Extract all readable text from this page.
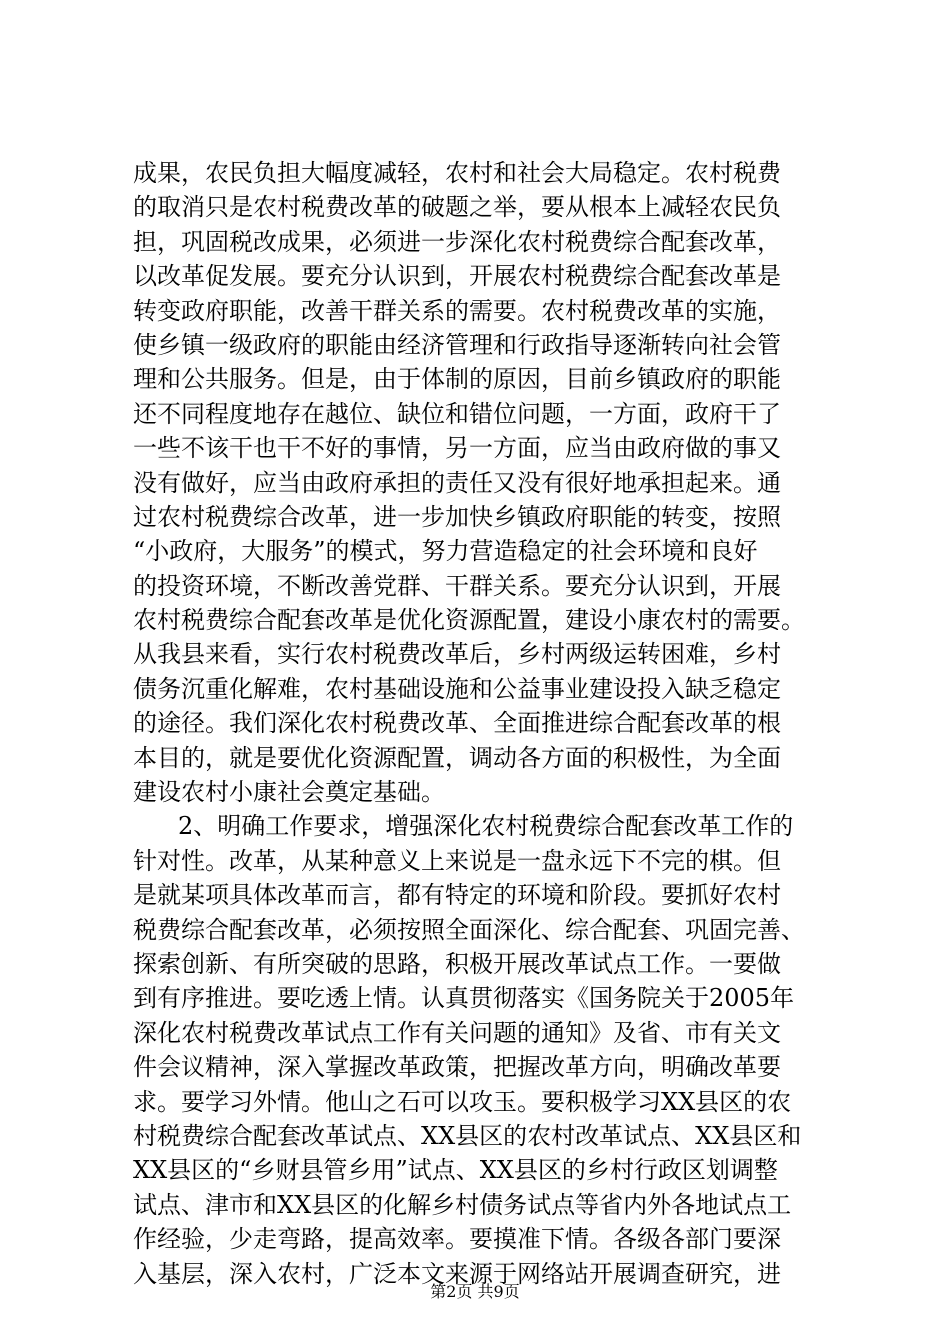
成果，农民负担大幅度减轻，农村和社会大局稳定。农村税费
的取消只是农村税费改革的破题之举，要从根本上减轻农民负
担，巩固税改成果，必须进一步深化农村税费综合配套改革，
以改革促发展。要充分认识到，开展农村税费综合配套改革是
转变政府职能，改善干群关系的需要。农村税费改革的实施，
使乡镇一级政府的职能由经济管理和行政指导逐渐转向社会管
理和公共服务。但是，由于体制的原因，目前乡镇政府的职能
还不同程度地存在越位、缺位和错位问题，一方面，政府干了
一些不该干也干不好的事情，另一方面，应当由政府做的事又
没有做好，应当由政府承担的责任又没有很好地承担起来。通
过农村税费综合改革，进一步加快乡镇政府职能的转变，按照
“小政府，大服务”的模式，努力营造稳定的社会环境和良好
的投资环境，不断改善党群、干群关系。要充分认识到，开展
农村税费综合配套改革是优化资源配置，建设小康农村的需要。
从我县来看，实行农村税费改革后，乡村两级运转困难，乡村
债务沉重化解难，农村基础设施和公益事业建设投入缺乏稳定
的途径。我们深化农村税费改革、全面推进综合配套改革的根
本目的，就是要优化资源配置，调动各方面的积极性，为全面
建设农村小康社会奠定基础。
2、明确工作要求，增强深化农村税费综合配套改革工作的
针对性。改革，从某种意义上来说是一盘永远下不完的棋。但
是就某项具体改革而言，都有特定的环境和阶段。要抓好农村
税费综合配套改革，必须按照全面深化、综合配套、巩固完善、
探索创新、有所突破的思路，积极开展改革试点工作。一要做
到有序推进。要吃透上情。认真贯彻落实《国务院关于2005年
深化农村税费改革试点工作有关问题的通知》及省、市有关文
件会议精神，深入掌握改革政策，把握改革方向，明确改革要
求。要学习外情。他山之石可以攻玉。要积极学习XX县区的农
村税费综合配套改革试点、XX县区的农村改革试点、XX县区和
XX县区的“乡财县管乡用”试点、XX县区的乡村行政区划调整
试点、津市和XX县区的化解乡村债务试点等省内外各地试点工
作经验，少走弯路，提高效率。要摸准下情。各级各部门要深
入基层，深入农村，广泛本文来源于网络站开展调查研究，进
第2页 共9页
